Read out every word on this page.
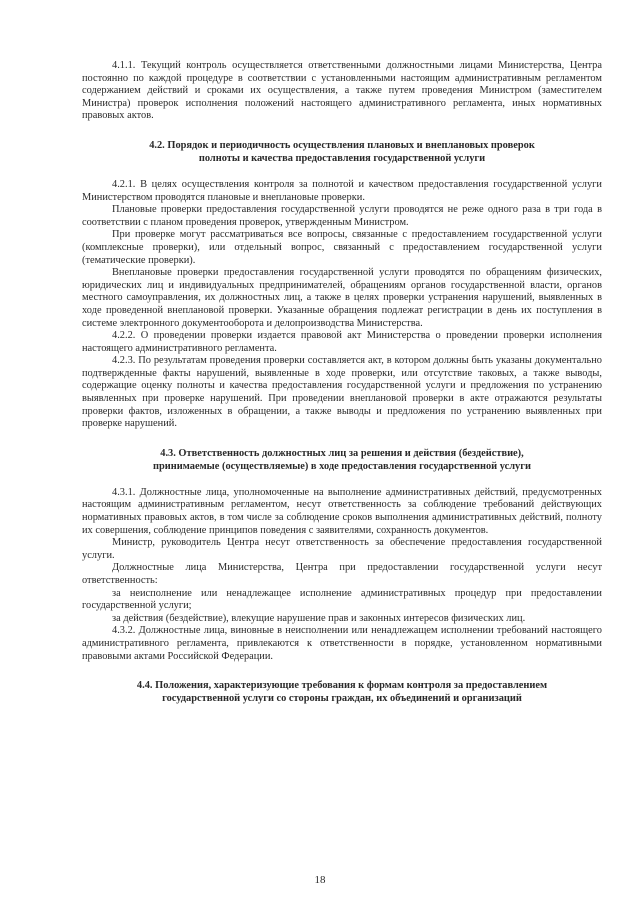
4.1.1. Текущий контроль осуществляется ответственными должностными лицами Министерства, Центра постоянно по каждой процедуре в соответствии с установленными настоящим административным регламентом содержанием действий и сроками их осуществления, а также путем проведения Министром (заместителем Министра) проверок исполнения положений настоящего административного регламента, иных нормативных правовых актов.

4.2. Порядок и периодичность осуществления плановых и внеплановых проверок
полноты и качества предоставления государственной услуги

4.2.1. В целях осуществления контроля за полнотой и качеством предоставления государственной услуги Министерством проводятся плановые и внеплановые проверки.

Плановые проверки предоставления государственной услуги проводятся не реже одного раза в три года в соответствии с планом проведения проверок, утвержденным Министром.

При проверке могут рассматриваться все вопросы, связанные с предоставлением государственной услуги (комплексные проверки), или отдельный вопрос, связанный с предоставлением государственной услуги (тематические проверки).

Внеплановые проверки предоставления государственной услуги проводятся по обращениям физических, юридических лиц и индивидуальных предпринимателей, обращениям органов государственной власти, органов местного самоуправления, их должностных лиц, а также в целях проверки устранения нарушений, выявленных в ходе проведенной внеплановой проверки. Указанные обращения подлежат регистрации в день их поступления в системе электронного документооборота и делопроизводства Министерства.

4.2.2. О проведении проверки издается правовой акт Министерства о проведении проверки исполнения настоящего административного регламента.

4.2.3. По результатам проведения проверки составляется акт, в котором должны быть указаны документально подтвержденные факты нарушений, выявленные в ходе проверки, или отсутствие таковых, а также выводы, содержащие оценку полноты и качества предоставления государственной услуги и предложения по устранению выявленных при проверке нарушений. При проведении внеплановой проверки в акте отражаются результаты проверки фактов, изложенных в обращении, а также выводы и предложения по устранению выявленных при проверке нарушений.

4.3. Ответственность должностных лиц за решения и действия (бездействие),
принимаемые (осуществляемые) в ходе предоставления государственной услуги

4.3.1. Должностные лица, уполномоченные на выполнение административных действий, предусмотренных настоящим административным регламентом, несут ответственность за соблюдение требований действующих нормативных правовых актов, в том числе за соблюдение сроков выполнения административных действий, полноту их совершения, соблюдение принципов поведения с заявителями, сохранность документов.

Министр, руководитель Центра несут ответственность за обеспечение предоставления государственной услуги.

Должностные лица Министерства, Центра при предоставлении государственной услуги несут ответственность:

за неисполнение или ненадлежащее исполнение административных процедур при предоставлении государственной услуги;

за действия (бездействие), влекущие нарушение прав и законных интересов физических лиц.

4.3.2. Должностные лица, виновные в неисполнении или ненадлежащем исполнении требований настоящего административного регламента, привлекаются к ответственности в порядке, установленном нормативными правовыми актами Российской Федерации.

4.4. Положения, характеризующие требования к формам контроля за предоставлением
государственной услуги со стороны граждан, их объединений и организаций

18
